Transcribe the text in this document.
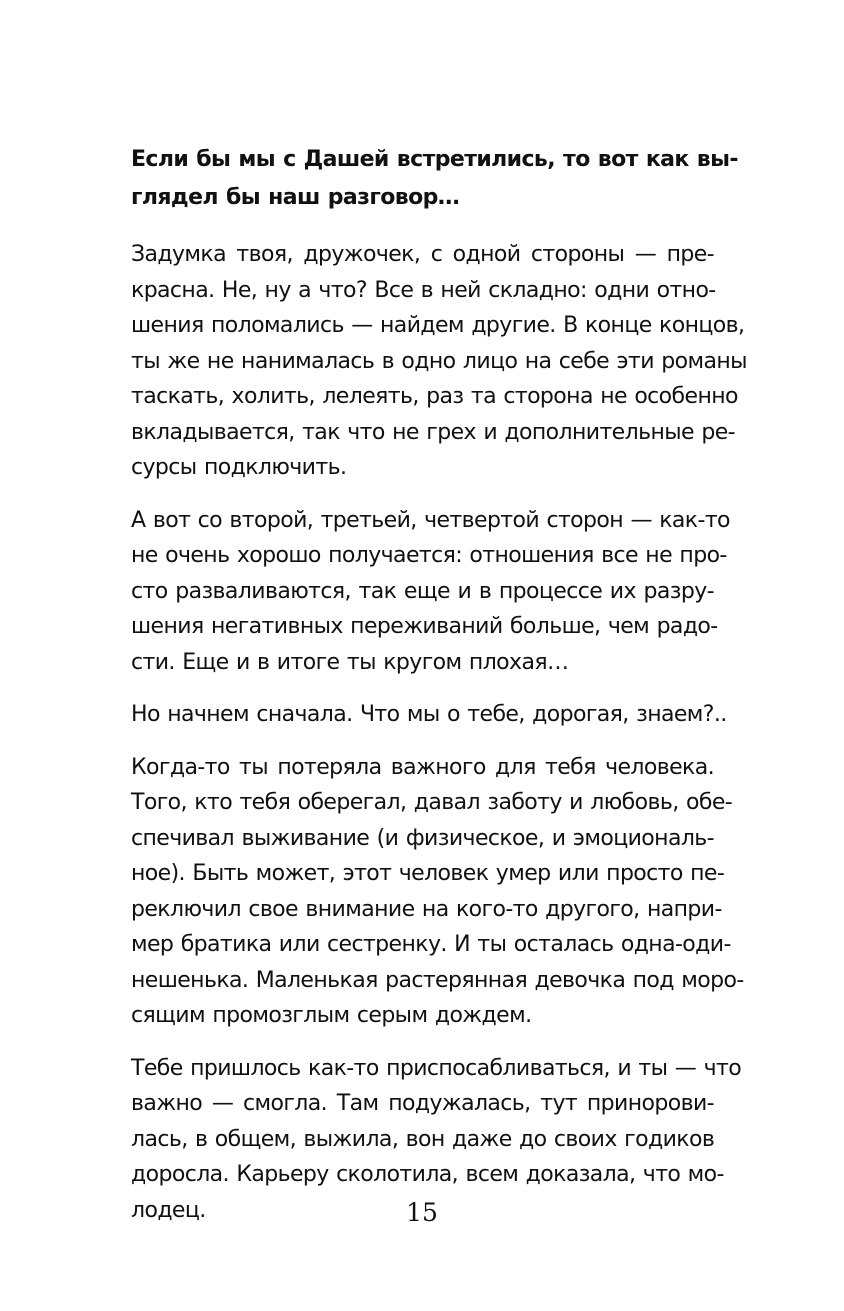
Если бы мы с Дашей встретились, то вот как вы-
глядел бы наш разговор…
Задумка твоя, дружочек, с одной стороны — пре-
красна. Не, ну а что? Все в ней складно: одни отно-
шения поломались — найдем другие. В конце концов,
ты же не нанималась в одно лицо на себе эти романы
таскать, холить, лелеять, раз та сторона не особенно
вкладывается, так что не грех и дополнительные ре-
сурсы подключить.
А вот со второй, третьей, четвертой сторон — как-то
не очень хорошо получается: отношения все не про-
сто разваливаются, так еще и в процессе их разру-
шения негативных переживаний больше, чем радо-
сти. Еще и в итоге ты кругом плохая…
Но начнем сначала. Что мы о тебе, дорогая, знаем?..
Когда-то ты потеряла важного для тебя человека.
Того, кто тебя оберегал, давал заботу и любовь, обе-
спечивал выживание (и физическое, и эмоциональ-
ное). Быть может, этот человек умер или просто пе-
реключил свое внимание на кого-то другого, напри-
мер братика или сестренку. И ты осталась одна-оди-
нешенька. Маленькая растерянная девочка под моро-
сящим промозглым серым дождем.
Тебе пришлось как-то приспосабливаться, и ты — что
важно — смогла. Там подужалась, тут принорови-
лась, в общем, выжила, вон даже до своих годиков
доросла. Карьеру сколотила, всем доказала, что мо-
лодец.	15
